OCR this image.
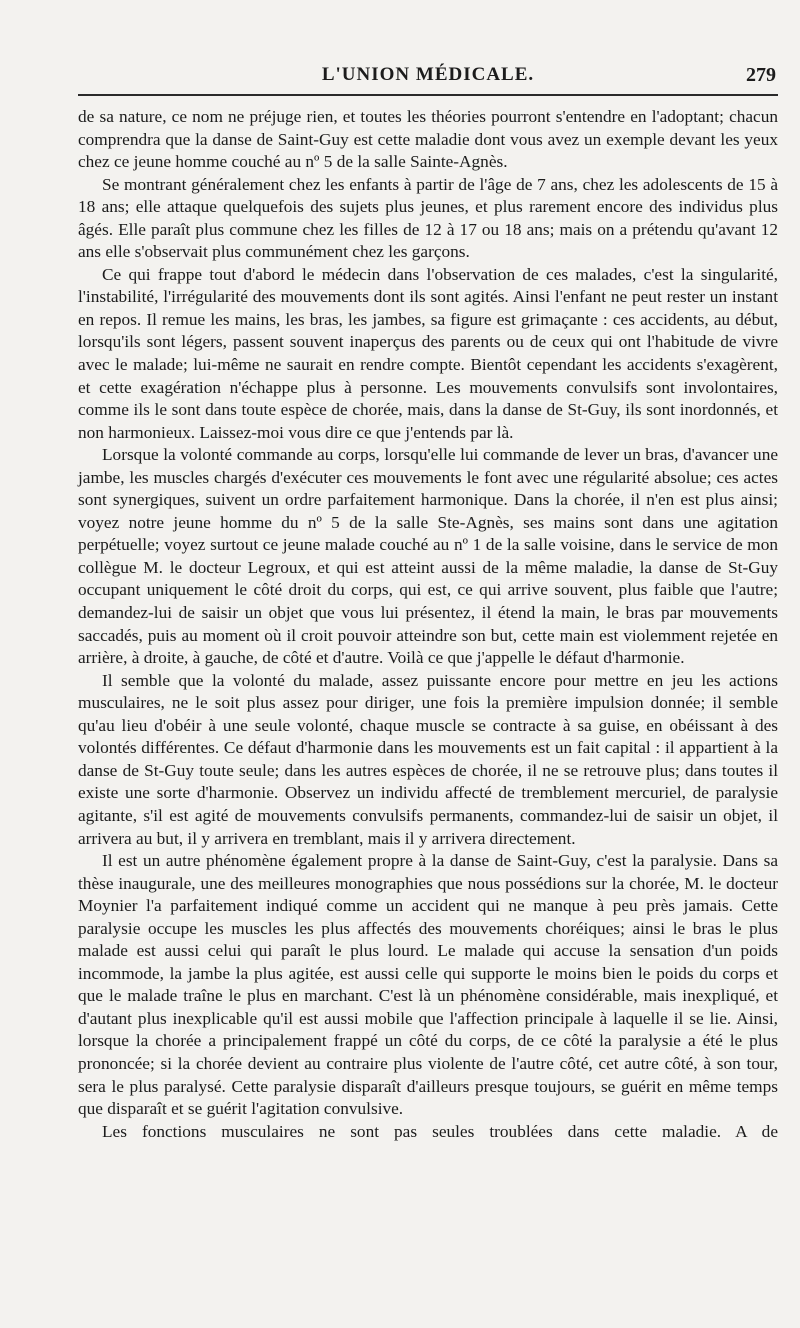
L'UNION MÉDICALE.	279

de sa nature, ce nom ne préjuge rien, et toutes les théories pourront s'entendre en l'adoptant; chacun comprendra que la danse de Saint-Guy est cette maladie dont vous avez un exemple devant les yeux chez ce jeune homme couché au nº 5 de la salle Sainte-Agnès.

Se montrant généralement chez les enfants à partir de l'âge de 7 ans, chez les adolescents de 15 à 18 ans; elle attaque quelquefois des sujets plus jeunes, et plus rarement encore des individus plus âgés. Elle paraît plus commune chez les filles de 12 à 17 ou 18 ans; mais on a prétendu qu'avant 12 ans elle s'observait plus communément chez les garçons.

Ce qui frappe tout d'abord le médecin dans l'observation de ces malades, c'est la singularité, l'instabilité, l'irrégularité des mouvements dont ils sont agités. Ainsi l'enfant ne peut rester un instant en repos. Il remue les mains, les bras, les jambes, sa figure est grimaçante : ces accidents, au début, lorsqu'ils sont légers, passent souvent inaperçus des parents ou de ceux qui ont l'habitude de vivre avec le malade; lui-même ne saurait en rendre compte. Bientôt cependant les accidents s'exagèrent, et cette exagération n'échappe plus à personne. Les mouvements convulsifs sont involontaires, comme ils le sont dans toute espèce de chorée, mais, dans la danse de St-Guy, ils sont inordonnés, et non harmonieux. Laissez-moi vous dire ce que j'entends par là.

Lorsque la volonté commande au corps, lorsqu'elle lui commande de lever un bras, d'avancer une jambe, les muscles chargés d'exécuter ces mouvements le font avec une régularité absolue; ces actes sont synergiques, suivent un ordre parfaitement harmonique. Dans la chorée, il n'en est plus ainsi; voyez notre jeune homme du nº 5 de la salle Ste-Agnès, ses mains sont dans une agitation perpétuelle; voyez surtout ce jeune malade couché au nº 1 de la salle voisine, dans le service de mon collègue M. le docteur Legroux, et qui est atteint aussi de la même maladie, la danse de St-Guy occupant uniquement le côté droit du corps, qui est, ce qui arrive souvent, plus faible que l'autre; demandez-lui de saisir un objet que vous lui présentez, il étend la main, le bras par mouvements saccadés, puis au moment où il croit pouvoir atteindre son but, cette main est violemment rejetée en arrière, à droite, à gauche, de côté et d'autre. Voilà ce que j'appelle le défaut d'harmonie.

Il semble que la volonté du malade, assez puissante encore pour mettre en jeu les actions musculaires, ne le soit plus assez pour diriger, une fois la première impulsion donnée; il semble qu'au lieu d'obéir à une seule volonté, chaque muscle se contracte à sa guise, en obéissant à des volontés différentes. Ce défaut d'harmonie dans les mouvements est un fait capital : il appartient à la danse de St-Guy toute seule; dans les autres espèces de chorée, il ne se retrouve plus; dans toutes il existe une sorte d'harmonie. Observez un individu affecté de tremblement mercuriel, de paralysie agitante, s'il est agité de mouvements convulsifs permanents, commandez-lui de saisir un objet, il arrivera au but, il y arrivera en tremblant, mais il y arrivera directement.

Il est un autre phénomène également propre à la danse de Saint-Guy, c'est la paralysie. Dans sa thèse inaugurale, une des meilleures monographies que nous possédions sur la chorée, M. le docteur Moynier l'a parfaitement indiqué comme un accident qui ne manque à peu près jamais. Cette paralysie occupe les muscles les plus affectés des mouvements choréiques; ainsi le bras le plus malade est aussi celui qui paraît le plus lourd. Le malade qui accuse la sensation d'un poids incommode, la jambe la plus agitée, est aussi celle qui supporte le moins bien le poids du corps et que le malade traîne le plus en marchant. C'est là un phénomène considérable, mais inexpliqué, et d'autant plus inexplicable qu'il est aussi mobile que l'affection principale à laquelle il se lie. Ainsi, lorsque la chorée a principalement frappé un côté du corps, de ce côté la paralysie a été le plus prononcée; si la chorée devient au contraire plus violente de l'autre côté, cet autre côté, à son tour, sera le plus paralysé. Cette paralysie disparaît d'ailleurs presque toujours, se guérit en même temps que disparaît et se guérit l'agitation convulsive.

Les fonctions musculaires ne sont pas seules troublées dans cette maladie. A de
